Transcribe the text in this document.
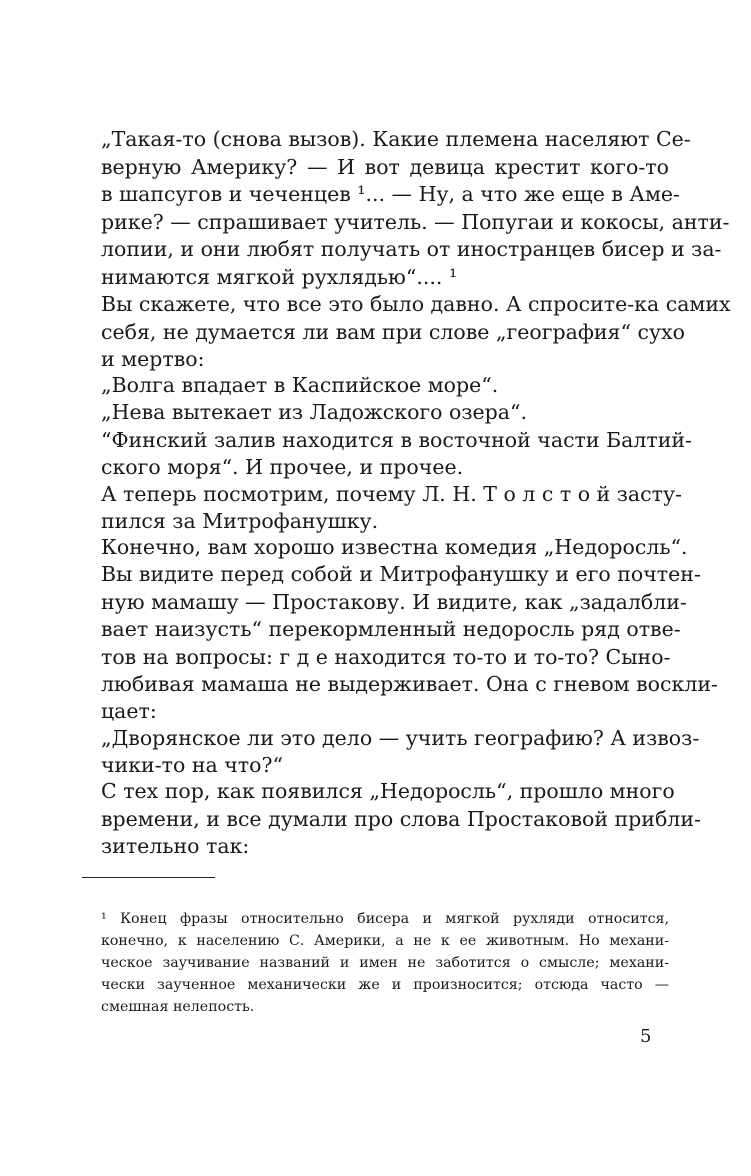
„Такая-то (снова вызов). Какие племена населяют Се-
верную Америку? — И вот девица крестит кого-то
в шапсугов и чеченцев ¹... — Ну, а что же еще в Аме-
рике? — спрашивает учитель. — Попугаи и кокосы, анти-
лопии, и они любят получать от иностранцев бисер и за-
нимаются мягкой рухлядью“.... ¹
Вы скажете, что все это было давно. А спросите-ка самих
себя, не думается ли вам при слове „география“ сухо
и мертво:
„Волга впадает в Каспийское море“.
„Нева вытекает из Ладожского озера“.
“Финский залив находится в восточной части Балтий-
ского моря“. И прочее, и прочее.
А теперь посмотрим, почему Л. Н. Т о л с т о й засту-
пился за Митрофанушку.
Конечно, вам хорошо известна комедия „Недоросль“.
Вы видите перед собой и Митрофанушку и его почтен-
ную мамашу — Простакову. И видите, как „задалбли-
вает наизусть“ перекормленный недоросль ряд отве-
тов на вопросы: г д е находится то-то и то-то? Сыно-
любивая мамаша не выдерживает. Она с гневом воскли-
цает:
„Дворянское ли это дело — учить географию? А извоз-
чики-то на что?“
С тех пор, как появился „Недоросль“, прошло много
времени, и все думали про слова Простаковой прибли-
зительно так:
¹ Конец фразы относительно бисера и мягкой рухляди относится,
конечно, к населению С. Америки, а не к ее животным. Но механи-
ческое заучивание названий и имен не заботится о смысле; механи-
чески заученное механически же и произносится; отсюда часто —
смешная нелепость.
5
